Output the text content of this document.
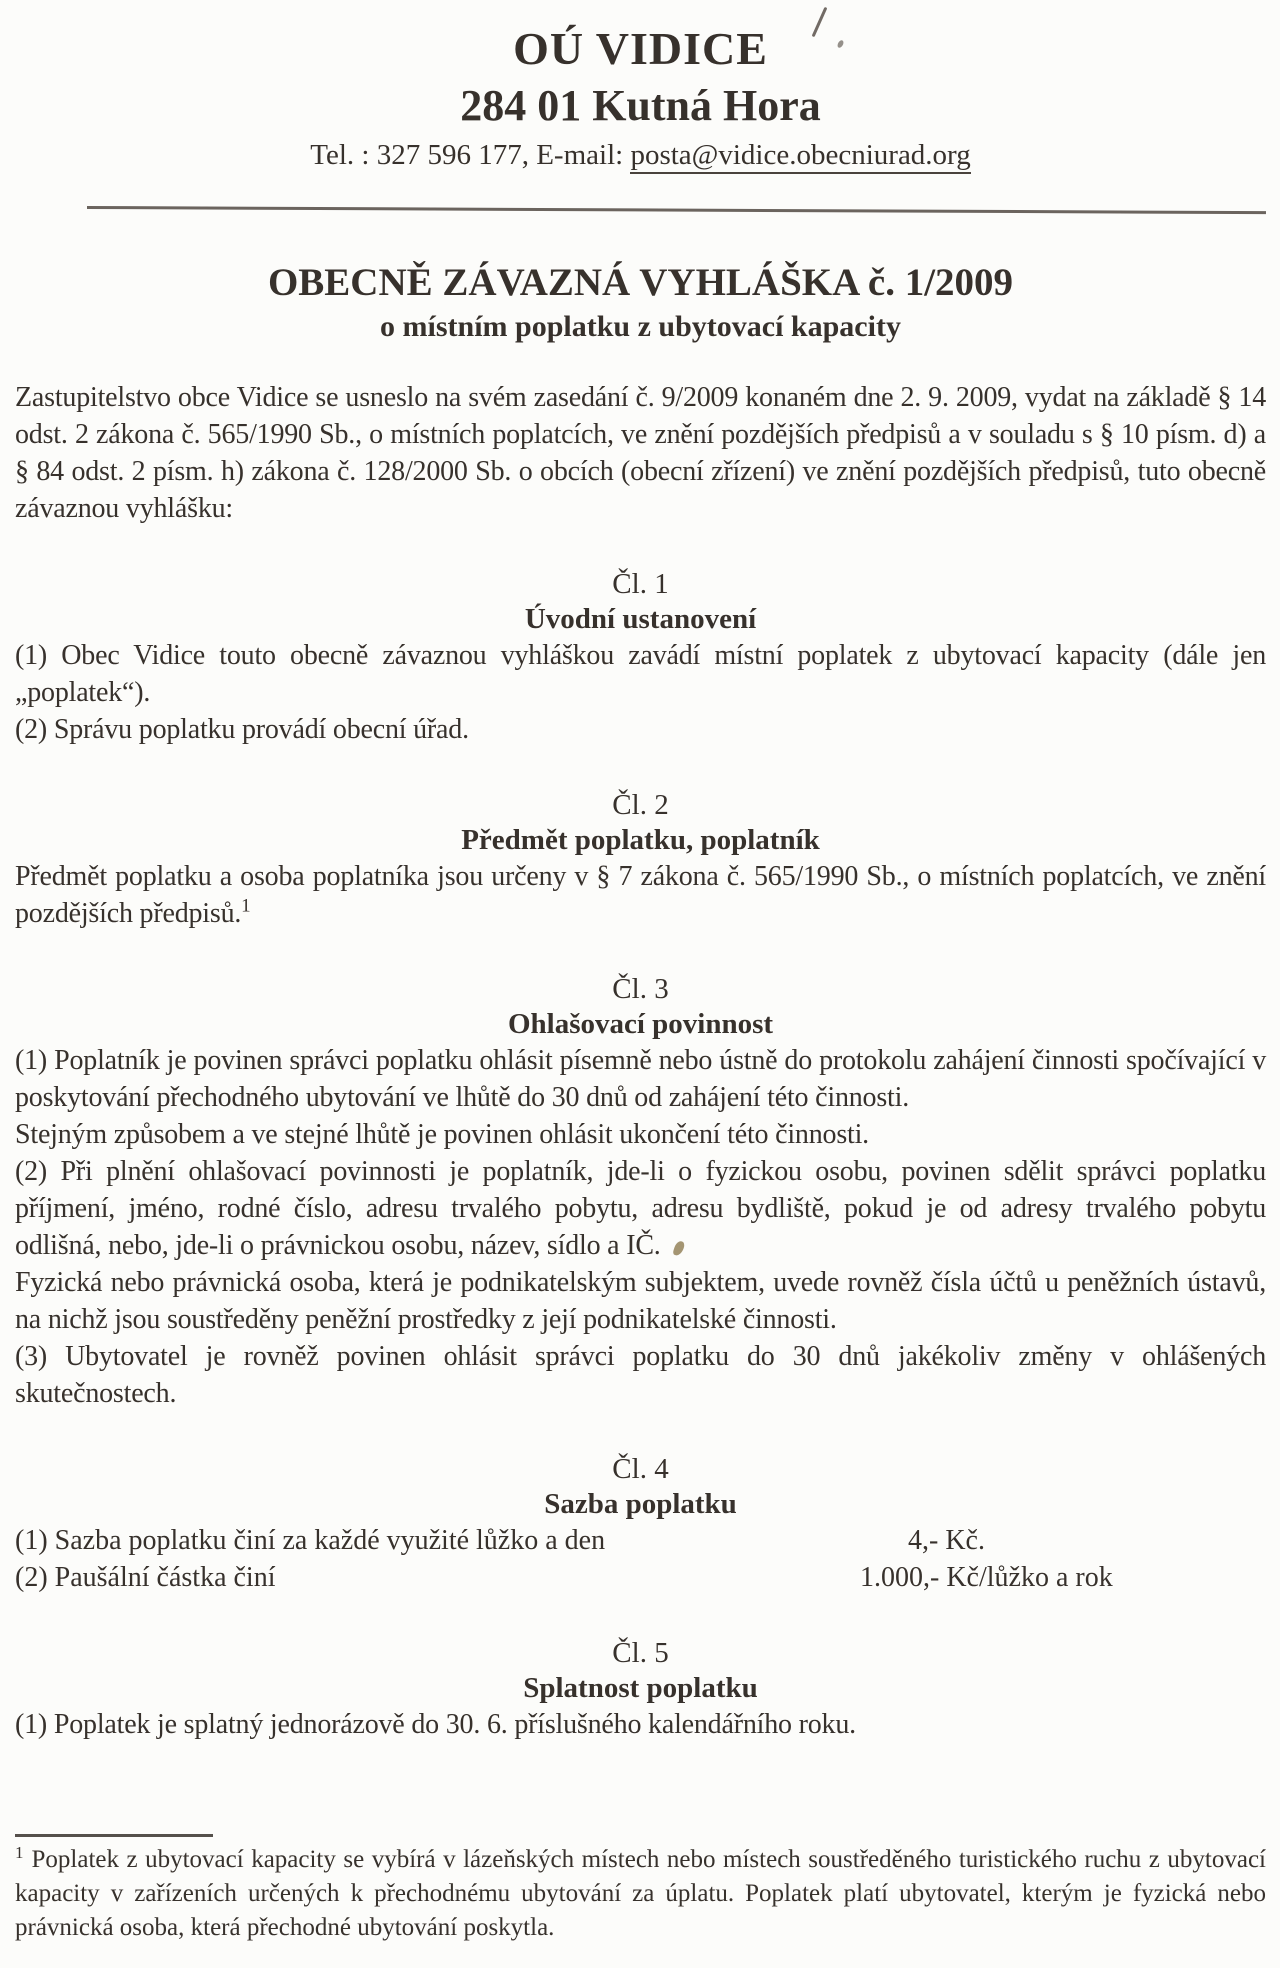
OÚ VIDICE
284 01 Kutná Hora
Tel. : 327 596 177, E-mail: posta@vidice.obecniurad.org
OBECNĚ ZÁVAZNÁ VYHLÁŠKA č. 1/2009
o místním poplatku z ubytovací kapacity

Zastupitelstvo obce Vidice se usneslo na svém zasedání č. 9/2009 konaném dne 2. 9. 2009, vydat na základě § 14 odst. 2 zákona č. 565/1990 Sb., o místních poplatcích, ve znění pozdějších předpisů a v souladu s § 10 písm. d) a § 84 odst. 2 písm. h) zákona č. 128/2000 Sb. o obcích (obecní zřízení) ve znění pozdějších předpisů, tuto obecně závaznou vyhlášku:

Čl. 1
Úvodní ustanovení

(1) Obec Vidice touto obecně závaznou vyhláškou zavádí místní poplatek z ubytovací kapacity (dále jen „poplatek“).

(2) Správu poplatku provádí obecní úřad.

Čl. 2
Předmět poplatku, poplatník

Předmět poplatku a osoba poplatníka jsou určeny v § 7 zákona č. 565/1990 Sb., o místních poplatcích, ve znění pozdějších předpisů.$^1$

Čl. 3
Ohlašovací povinnost

(1) Poplatník je povinen správci poplatku ohlásit písemně nebo ústně do protokolu zahájení činnosti spočívající v poskytování přechodného ubytování ve lhůtě do 30 dnů od zahájení této činnosti.

Stejným způsobem a ve stejné lhůtě je povinen ohlásit ukončení této činnosti.

(2) Při plnění ohlašovací povinnosti je poplatník, jde-li o fyzickou osobu, povinen sdělit správci poplatku příjmení, jméno, rodné číslo, adresu trvalého pobytu, adresu bydliště, pokud je od adresy trvalého pobytu odlišná, nebo, jde-li o právnickou osobu, název, sídlo a IČ.

Fyzická nebo právnická osoba, která je podnikatelským subjektem, uvede rovněž čísla účtů u peněžních ústavů, na nichž jsou soustředěny peněžní prostředky z její podnikatelské činnosti.

(3) Ubytovatel je rovněž povinen ohlásit správci poplatku do 30 dnů jakékoliv změny v ohlášených skutečnostech.

Čl. 4
Sazba poplatku
(1) Sazba poplatku činí za každé využité lůžko a den	4,- Kč.
(2) Paušální částka činí	1.000,- Kč/lůžko a rok
Čl. 5
Splatnost poplatku

(1) Poplatek je splatný jednorázově do 30. 6. příslušného kalendářního roku.

$^1$ Poplatek z ubytovací kapacity se vybírá v lázeňských místech nebo místech soustředěného turistického ruchu z ubytovací kapacity v zařízeních určených k přechodnému ubytování za úplatu. Poplatek platí ubytovatel, kterým je fyzická nebo právnická osoba, která přechodné ubytování poskytla.
